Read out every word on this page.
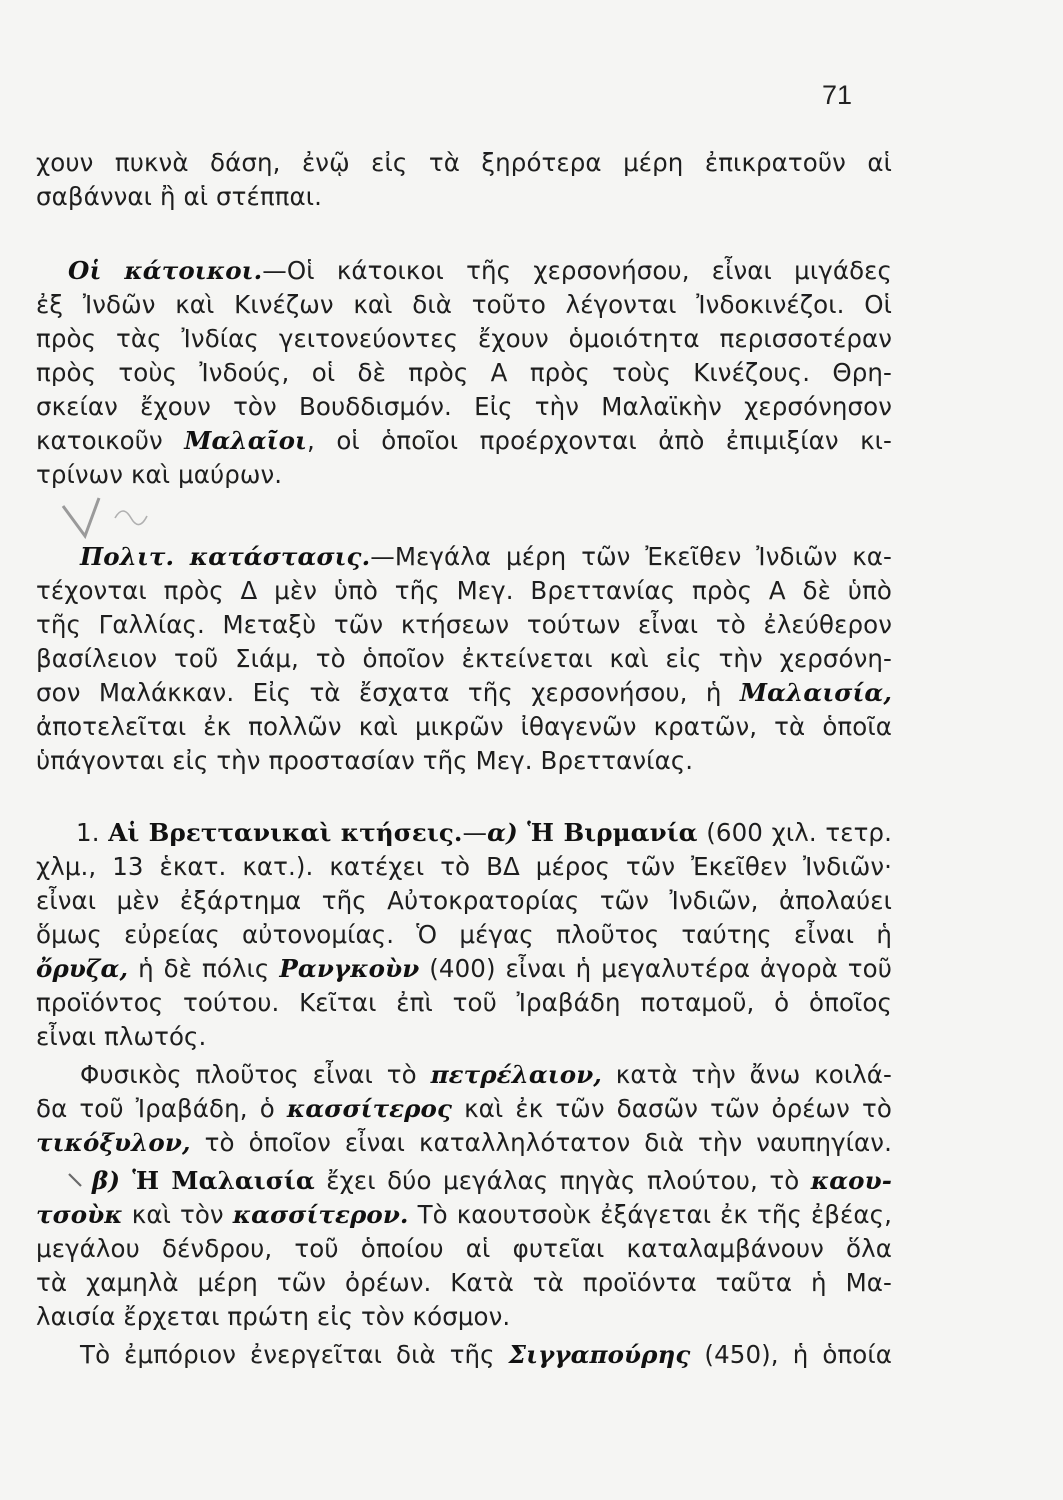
71
χουν πυκνὰ δάση, ἐνῷ εἰς τὰ ξηρότερα μέρη ἐπικρατοῦν αἱ
σαβάνναι ἢ αἱ στέππαι.
Οἱ κάτοικοι.—Οἱ κάτοικοι τῆς χερσονήσου, εἶναι μιγάδες
ἐξ Ἰνδῶν καὶ Κινέζων καὶ διὰ τοῦτο λέγονται Ἰνδοκινέζοι. Οἱ
πρὸς τὰς Ἰνδίας γειτονεύοντες ἔχουν ὁμοιότητα περισσοτέραν
πρὸς τοὺς Ἰνδούς, οἱ δὲ πρὸς Α πρὸς τοὺς Κινέζους. Θρη-
σκείαν ἔχουν τὸν Βουδδισμόν. Εἰς τὴν Μαλαϊκὴν χερσόνησον
κατοικοῦν Μαλαῖοι, οἱ ὁποῖοι προέρχονται ἀπὸ ἐπιμιξίαν κι-
τρίνων καὶ μαύρων.
Πολιτ. κατάστασις.—Μεγάλα μέρη τῶν Ἐκεῖθεν Ἰνδιῶν κα-
τέχονται πρὸς Δ μὲν ὑπὸ τῆς Μεγ. Βρεττανίας πρὸς Α δὲ ὑπὸ
τῆς Γαλλίας. Μεταξὺ τῶν κτήσεων τούτων εἶναι τὸ ἐλεύθερον
βασίλειον τοῦ Σιάμ, τὸ ὁποῖον ἐκτείνεται καὶ εἰς τὴν χερσόνη-
σον Μαλάκκαν. Εἰς τὰ ἔσχατα τῆς χερσονήσου, ἡ Μαλαισία,
ἀποτελεῖται ἐκ πολλῶν καὶ μικρῶν ἰθαγενῶν κρατῶν, τὰ ὁποῖα
ὑπάγονται εἰς τὴν προστασίαν τῆς Μεγ. Βρεττανίας.
1. Αἱ Βρεττανικαὶ κτήσεις.—α) Ἡ Βιρμανία (600 χιλ. τετρ.
χλμ., 13 ἑκατ. κατ.). κατέχει τὸ ΒΔ μέρος τῶν Ἐκεῖθεν Ἰνδιῶν·
εἶναι μὲν ἐξάρτημα τῆς Αὐτοκρατορίας τῶν Ἰνδιῶν, ἀπολαύει
ὅμως εὐρείας αὐτονομίας. Ὁ μέγας πλοῦτος ταύτης εἶναι ἡ
ὄρυζα, ἡ δὲ πόλις Ρανγκοὺν (400) εἶναι ἡ μεγαλυτέρα ἀγορὰ τοῦ
προϊόντος τούτου. Κεῖται ἐπὶ τοῦ Ἰραβάδη ποταμοῦ, ὁ ὁποῖος
εἶναι πλωτός.
Φυσικὸς πλοῦτος εἶναι τὸ πετρέλαιον, κατὰ τὴν ἄνω κοιλά-
δα τοῦ Ἰραβάδη, ὁ κασσίτερος καὶ ἐκ τῶν δασῶν τῶν ὀρέων τὸ
τικόξυλον, τὸ ὁποῖον εἶναι καταλληλότατον διὰ τὴν ναυπηγίαν.
β) Ἡ Μαλαισία ἔχει δύο μεγάλας πηγὰς πλούτου, τὸ καου-
τσοὺκ καὶ τὸν κασσίτερον. Τὸ καουτσοὺκ ἐξάγεται ἐκ τῆς ἐβέας,
μεγάλου δένδρου, τοῦ ὁποίου αἱ φυτεῖαι καταλαμβάνουν ὅλα
τὰ χαμηλὰ μέρη τῶν ὀρέων. Κατὰ τὰ προϊόντα ταῦτα ἡ Μα-
λαισία ἔρχεται πρώτη εἰς τὸν κόσμον.
Τὸ ἐμπόριον ἐνεργεῖται διὰ τῆς Σιγγαπούρης (450), ἡ ὁποία
